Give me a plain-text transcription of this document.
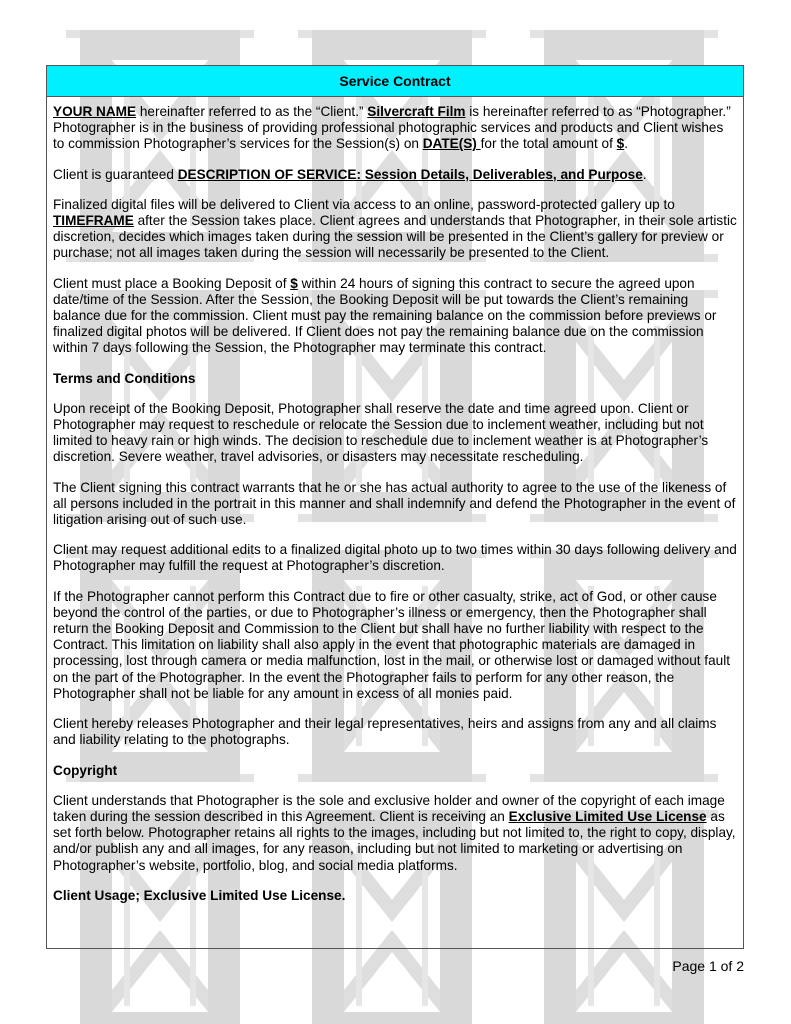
Service Contract

YOUR NAME hereinafter referred to as the “Client.” Silvercraft Film is hereinafter referred to as “Photographer.” Photographer is in the business of providing professional photographic services and products and Client wishes to commission Photographer’s services for the Session(s) on DATE(S) for the total amount of $.

Client is guaranteed DESCRIPTION OF SERVICE: Session Details, Deliverables, and Purpose.

Finalized digital files will be delivered to Client via access to an online, password-protected gallery up to TIMEFRAME after the Session takes place. Client agrees and understands that Photographer, in their sole artistic discretion, decides which images taken during the session will be presented in the Client’s gallery for preview or purchase; not all images taken during the session will necessarily be presented to the Client.

Client must place a Booking Deposit of $ within 24 hours of signing this contract to secure the agreed upon date/time of the Session. After the Session, the Booking Deposit will be put towards the Client’s remaining balance due for the commission. Client must pay the remaining balance on the commission before previews or finalized digital photos will be delivered. If Client does not pay the remaining balance due on the commission within 7 days following the Session, the Photographer may terminate this contract.

Terms and Conditions

Upon receipt of the Booking Deposit, Photographer shall reserve the date and time agreed upon. Client or Photographer may request to reschedule or relocate the Session due to inclement weather, including but not limited to heavy rain or high winds. The decision to reschedule due to inclement weather is at Photographer’s discretion. Severe weather, travel advisories, or disasters may necessitate rescheduling.

The Client signing this contract warrants that he or she has actual authority to agree to the use of the likeness of all persons included in the portrait in this manner and shall indemnify and defend the Photographer in the event of litigation arising out of such use.

Client may request additional edits to a finalized digital photo up to two times within 30 days following delivery and Photographer may fulfill the request at Photographer’s discretion.

If the Photographer cannot perform this Contract due to fire or other casualty, strike, act of God, or other cause beyond the control of the parties, or due to Photographer’s illness or emergency, then the Photographer shall return the Booking Deposit and Commission to the Client but shall have no further liability with respect to the Contract. This limitation on liability shall also apply in the event that photographic materials are damaged in processing, lost through camera or media malfunction, lost in the mail, or otherwise lost or damaged without fault on the part of the Photographer. In the event the Photographer fails to perform for any other reason, the Photographer shall not be liable for any amount in excess of all monies paid.

Client hereby releases Photographer and their legal representatives, heirs and assigns from any and all claims and liability relating to the photographs.

Copyright

Client understands that Photographer is the sole and exclusive holder and owner of the copyright of each image taken during the session described in this Agreement. Client is receiving an Exclusive Limited Use License as set forth below. Photographer retains all rights to the images, including but not limited to, the right to copy, display, and/or publish any and all images, for any reason, including but not limited to marketing or advertising on Photographer’s website, portfolio, blog, and social media platforms.

Client Usage; Exclusive Limited Use License.

Page 1 of 2
